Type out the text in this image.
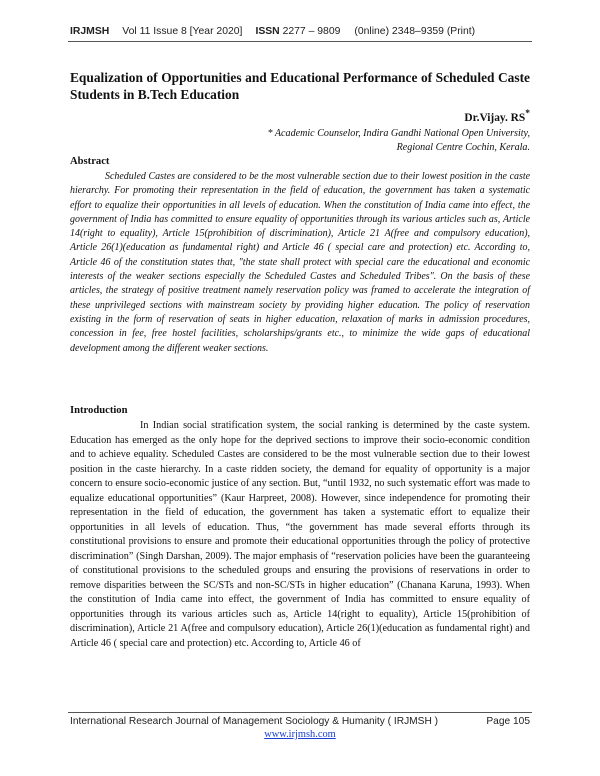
IRJMSH Vol 11 Issue 8 [Year 2020] ISSN 2277 – 9809 (0nline) 2348–9359 (Print)
Equalization of Opportunities and Educational Performance of Scheduled Caste Students in B.Tech Education
Dr.Vijay. RS*
* Academic Counselor, Indira Gandhi National Open University,
Regional Centre Cochin, Kerala.
Abstract

Scheduled Castes are considered to be the most vulnerable section due to their lowest position in the caste hierarchy. For promoting their representation in the field of education, the government has taken a systematic effort to equalize their opportunities in all levels of education. When the constitution of India came into effect, the government of India has committed to ensure equality of opportunities through its various articles such as, Article 14(right to equality), Article 15(prohibition of discrimination), Article 21 A(free and compulsory education), Article 26(1)(education as fundamental right) and Article 46 ( special care and protection) etc. According to, Article 46 of the constitution states that, "the state shall protect with special care the educational and economic interests of the weaker sections especially the Scheduled Castes and Scheduled Tribes". On the basis of these articles, the strategy of positive treatment namely reservation policy was framed to accelerate the integration of these unprivileged sections with mainstream society by providing higher education. The policy of reservation existing in the form of reservation of seats in higher education, relaxation of marks in admission procedures, concession in fee, free hostel facilities, scholarships/grants etc., to minimize the wide gaps of educational development among the different weaker sections.

Introduction

In Indian social stratification system, the social ranking is determined by the caste system. Education has emerged as the only hope for the deprived sections to improve their socio-economic condition and to achieve equality. Scheduled Castes are considered to be the most vulnerable section due to their lowest position in the caste hierarchy. In a caste ridden society, the demand for equality of opportunity is a major concern to ensure socio-economic justice of any section. But, “until 1932, no such systematic effort was made to equalize educational opportunities” (Kaur Harpreet, 2008). However, since independence for promoting their representation in the field of education, the government has taken a systematic effort to equalize their opportunities in all levels of education. Thus, “the government has made several efforts through its constitutional provisions to ensure and promote their educational opportunities through the policy of protective discrimination” (Singh Darshan, 2009). The major emphasis of “reservation policies have been the guaranteeing of constitutional provisions to the scheduled groups and ensuring the provisions of reservations in order to remove disparities between the SC/STs and non-SC/STs in higher education” (Chanana Karuna, 1993). When the constitution of India came into effect, the government of India has committed to ensure equality of opportunities through its various articles such as, Article 14(right to equality), Article 15(prohibition of discrimination), Article 21 A(free and compulsory education), Article 26(1)(education as fundamental right) and Article 46 ( special care and protection) etc. According to, Article 46 of

International Research Journal of Management Sociology & Humanity ( IRJMSH )	Page 105
www.irjmsh.com
